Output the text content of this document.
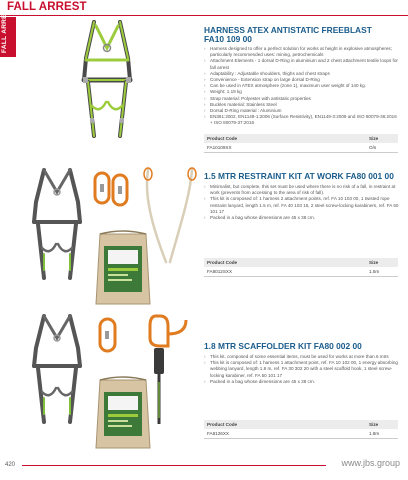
FALL ARREST
FALL ARREST	HARNESS ATEX ANTISTATIC FREEBLAST
FA10 109 00
› Harness designed to offer a perfect solution for works at height in explosive atmospheres; particularly recommended uses: mining, petrochemicals
› Attachment Elements - 1 dorsal D-Ring in aluminium and 2 chest attachment textile loops for fall arrest
› Adaptability : Adjustable shoulders, thighs and chest straps
› Convenience - Extension strap on large dorsal D-Ring
› Can be used in ATEX atmosphere (zone 1), maximum user weight of 140 kg.
› Weight: 1.19 kg
› Strap material: Polyester with antistatic properties
› Buckles material: Stainless Steel
› Dorsal D-Ring material : Aluminium
› EN361:2002, EN1149-1:2006 (Surface Resistivity), EN1149-3:2009 and ISO 80079-36:2016 + ISO 80079-37:2016
Product Code	Size
FA10109XX	O/s
1.5 MTR RESTRAINT KIT AT WORK FA80 001 00
› Minimalist, but complete, this set must be used where there is no risk of a fall, in restraint at work (prevents from accessing to the area of risk of fall).
› This kit is composed of: 1 harness 2 attachment points, ref. FA 10 103 00, 1 twisted rope restraint lanyard, length 1.5 m, ref. FA 40 103 15, 2 steel screw-locking karabiners, ref. FA 50 101 17
› Packed in a bag whose dimensions are 45 x 38 cm.
Product Code	Size
FA8012SXX	1.5m
1.8 MTR SCAFFOLDER KIT FA80 002 00
› This kit, composed of some essential items, must be used for works at more than 6 mtrs
› This kit is composed of: 1 harness 1 attachment point, ref. FA 10 102 00, 1 energy absorbing webbing lanyard, length 1.8 m, ref. FA 30 302 20 with a steel scaffold hook, 1 steel screw-locking karabiner, ref. FA 50 101 17
› Packed in a bag whose dimensions are 45 x 38 cm.
Product Code	Size
FA8126XX	1.8m
420	www.jbs.group
